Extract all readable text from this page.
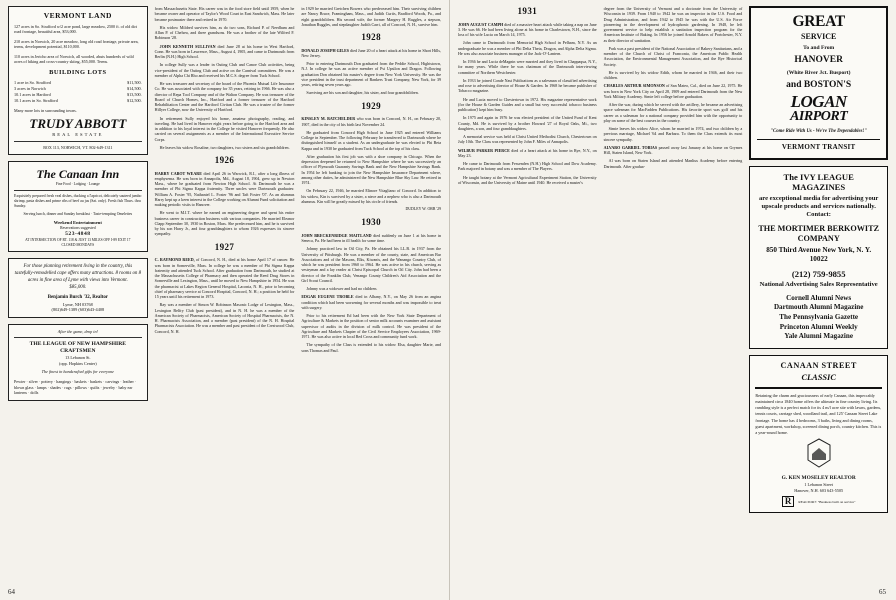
VERMONT LAND
127 acres in So. Strafford w/2 acre pond, large meadow, 2500 ft. of old dirt road frontage, beautiful area, $53,000.
210 acres in Norwich, 20 acre meadow, long old road frontage, private area, terms, development potential, $110,000.
110 acres in Jericho area of Norwich, all wooded, abuts hundreds of wild acres of hiking and cross-country skiing, $55,000. Terms.
BUILDING LOTS
1 acre in So. Strafford	$11,500.
3 acres in Norwich	$14,500.
10.1 acres in Hartford	$13,500.
10.1 acres in So. Strafford	$12,500.
Many more lots in surrounding towns.
TRUDY ABBOTT
REAL ESTATE
BOX 113, NORWICH, VT. 802-649-1311
The Canaan Inn
Fine Food · Lodging · Lounge
Exquisitely prepared fresh veal dishes, ducking a l'apricot, delicately sauteed jumbo shrimp, pasta dishes and prime ribs of beef au jus (Sat. only). Fresh fish Thurs. thru Sunday.
Serving lunch, dinner and Sunday breakfast · Taste-tempting Omelettes
Weekend Entertainment
Reservations suggested
523-4848
AT INTERSECTION OF RT. 118 & JUST 13 MILES OFF I-89 EXIT 17
CLOSED MONDAYS
For those planning retirement living in the country, this tastefully-remodelled cape offers many attractions. 8 rooms on 8 acres in fine area of Lyme with views into Vermont.
$85,000.
Benjamin Burch '32, Realtor
Lyme, NH 03768
(802)649-1389 (603)643-4408
After the game, drop in!
THE LEAGUE OF NEW HAMPSHIRE CRAFTSMEN
13 Lebanon St.
(opp. Hopkins Center)
The finest in handcrafted gifts for everyone
Pewter · silver · pottery · hangings · baskets · baskets · carvings · leather · blown glass · lamps · shades · rugs · pillows · quilts · jewelry · baby ear lanterns · dolls

from Massachusetts State. His career was in the food store field until 1959, when he became owner and operator of Taylor's Wood Court in East Sandwich, Mass. He later became postmaster there and retired in 1970.

His widow Mildred survives him, as do two sons, Richard P. of Needham and Allan P. of Chelsea, and three grandsons. He was a brother of the late Wilfred F. Robinson '28.

JOHN KENNETH SULLIVAN died June 28 at his home in West Hartford, Conn. He was born in Lawrence, Mass., August 4, 1905, and came to Dartmouth from Berlin (N.H.) High School.

In college Sully was a leader in Outing Club and Canoe Club activities, being vice-president of the Outing Club and active on the Carnival committees. He was a member of Alpha Chi Rho and received his M.C.S. degree from Tuck School.

He was treasurer and secretary of the board of the Phoenix Mutual Life Insurance Co. He was associated with the company for 35 years, retiring in 1966. He was also a director of Repa Tool Company and of the Walton Company. He was treasurer of the Board of Church Homes, Inc., Hartford and a former treasurer of the Hartford Rehabilitation Center and the Hartford Civitan Club. He was a trustee of the former Hillyer College, now the University of Hartford.

In retirement Sully enjoyed his home, amateur photography, reading, and traveling. He had lived in Hanover eight years before going to the Hartford area and in addition to his loyal interest in the College he visited Hanover frequently. He also carried on several assignments as a member of the International Executive Service Corps.

He leaves his widow Rosaline, two daughters, two sisters and six grandchildren.

1926

HARRY CABOT WEARE died April 26 in Warwick, R.I., after a long illness of emphysema. He was born in Annapolis, Md., August 18, 1904, grew up in Newton Mass., where he graduated from Newton High School. At Dartmouth he was a member of Phi Sigma Kappa fraternity. Three uncles were Dartmouth graduates: William A. Foster '95, Nathaniel L. Foster '96 and Taft Foster '07. As an alumnus Harry kept up a keen interest in the College working on Alumni Fund solicitation and making periodic visits to Hanover.

He went to M.I.T. where he earned an engineering degree and spent his entire business career in construction business with various companies. He married Eleanor Clapp September 30, 1930 in Boston, Mass. She predeceased him, and he is survived by his son Harry Jr., and four granddaughters to whom 1926 expresses its sincere sympathy.

1927

C. RAYMOND REED, of Concord, N. H., died at his home April 17 of cancer. He was born in Somerville, Mass. In college he was a member of Phi Sigma Kappa fraternity and attended Tuck School. After graduation from Dartmouth, he studied at the Massachusetts College of Pharmacy and then operated the Reed Drug Stores in Somerville and Lexington, Mass., until he moved to New Hampshire in 1954. He was the pharmacist at Lakes Region General Hospital, Laconia, N. H., prior to becoming chief of pharmacy service at Concord Hospital, Concord, N. H.; a position he held for 15 years until his retirement in 1973.

Ray was a member of Simon W. Robinson Masonic Lodge of Lexington, Mass., Lexington Belfry Club (past president), and in N. H. he was a member of the American Society of Pharmacists, American Society of Hospital Pharmacists, the N. H. Pharmacists Association, and a member (past president) of the N. H. Hospital Pharmacists Association. He was a member and past president of the Crestwood Club, Concord, N. H.

in 1929 he married Gretchen Bowers who predeceased him. Their surviving children are Nancy Bruce, Framingham, Mass., and Judith Curtis, Bradford Woods, Pa., and eight grandchildren. His second wife, the former Margery H. Ruggles, a stepson, Jonathan Ruggles, and stepdaughter Judith Carri, all of Concord, N. H., survive him.

1928

DONALD JOSEPH GILES died June 20 of a heart attack at his home in Short Hills, New Jersey.

Prior to entering Dartmouth Don graduated from the Peddie School, Hightstown, N.J. In college he was an active member of Psi Upsilon and Dragon. Following graduation Don obtained his master's degree from New York University. He was the vice president in the trust department of Bankers Trust Company, New York, for 39 years, retiring seven years ago.

Surviving are his son and daughter, his sister, and four grandchildren.

1929

KINSLEY M. BATCHELDER who was born in Concord, N. H., on February 20, 1907, died in the city of his birth last November 24.

He graduated from Concord High School in June 1925 and entered Williams College in September. The following February he transferred to Dartmouth where he distinguished himself as a student. As an undergraduate he was elected to Phi Beta Kappa and in 1930 he graduated from Tuck School at the top of his class.

After graduation his first job was with a shoe company in Chicago. When the depression deepened he returned to New Hampshire where he was successively an officer of Plymouth Guaranty Savings Bank and the New Hampshire Savings Bank. In 1954 he left banking to join the New Hampshire Insurance Department where, among other duties, he administered the New Hampshire Blue Sky Law. He retired in 1974.

On February 22, 1946, he married Elinore Vitagliano of Concord. In addition to his widow, Kin is survived by a sister, a niece and a nephew who is also a Dartmouth alumnus. Kin will be greatly missed by his circle of friends.

DUDLEY W. ORR '29

1930

JOHN BRECKENRIDGE MAITLAND died suddenly on June 1 at his home in Seneca, Pa. He had been in ill health for some time.

Johnny practiced law in Oil City, Pa. He obtained his LL.B. in 1937 from the University of Pittsburgh. He was a member of the county, state, and American Bar Associations and of the Masons, Elks, Kiwanis, and the Wanango Country Club, of which he was president from 1960 to 1964. He was active in his church, serving as vestryman and a lay reader at Christ Episcopal Church in Oil City. John had been a director of the Franklin Club, Venango County Children's Aid Association and the Girl Scout Council.

Johnny was a widower and had no children.

EDGAR EUGENE TROBLE died in Albany, N.Y., on May 26 from an angina condition which had been worsening for several months and was impossible to treat with surgery.

Prior to his retirement Ed had been with the New York State Department of Agriculture & Markets in the position of senior milk accounts examiner and assistant supervisor of audits in the division of milk control. He was president of the Agriculture and Markets Chapter of the Civil Service Employees Association, 1969-1971. He was also active in local Red Cross and community fund work.

The sympathy of the Class is extended to his widow Elsa, daughter Marie, and sons Thomas and Paul.

64
1931

JOHN AUGUST CAMPH died of a massive heart attack while taking a nap on June 3. He was 66. He had been living alone at his home in Charlestown, N.H., since the loss of his wife Lucia on March 14, 1975.

John came to Dartmouth from Memorial High School in Pelham, N.Y. As an undergraduate he was a member of Phi Delta Theta, Dragon, and Alpha Delta Sigma. He was also associate business manager of the Jack-O'-Lantern.

In 1936 he and Lucia deMagnin were married and they lived in Chappaqua, N.Y., for many years. While there he was chairman of the Dartmouth interviewing committee of Northern Westchester.

In 1933 he joined Conde Nast Publications as a salesman of classified advertising and rose to advertising director of House & Garden. In 1968 he became publisher of Tobacco magazine.

He and Lucia moved to Chestertown in 1972. His magazine representative work (for the House & Garden Guides and a small but very successful tobacco business publication)' kept him busy.

In 1975 and again in 1976 he was elected president of the United Fund of Kent County, Md. He is survived by a brother Howard '27 of Royal Oaks, Mi., two daughters, a son, and four granddaughters.

A memorial service was held at Christ United Methodist Church, Chestertown on July 10th. The Class was represented by John F. Miles of Annapolis.

WILBUR PARKER PIERCE died of a heart attack at his home in Rye, N.Y., on May 23.

He came to Dartmouth from Fessenden (N.H.) High School and Dow Academy. Park majored in botany and was a member of The Players.

He taught botany at the Vermont Agricultural Experiment Station, the University of Wisconsin, and the University of Maine until 1940. He received a master's

degree from the University of Vermont and a doctorate from the University of Wisconsin in 1939. From 1940 to 1942 he was an inspector in the U.S. Food and Drug Administration, and from 1942 to 1945 he was with the U.S. Air Force pioneering in the development of hydrophonic gardening. In 1948, he left government service to help establish a sanitation inspection program for the American Institute of Baking. In 1956 he joined Arnold Bakers of Portchester, N.Y. as their director of sanitation.

Park was a past president of the National Association of Bakery Sanitarians, and a member of the Church of Christ of Franconia, the American Public Health Association, the Environmental Management Association, and the Rye Historical Society.

He is survived by his widow Edith, whom he married in 1946, and their two children.

CHARLES ARTHUR SIMONSON of San Mateo, Cal., died on June 22, 1975. He was born in New York City on April 28, 1909 and entered Dartmouth from the New York Military Academy. Simie left college before graduation.

After the war, during which he served with the artillery, he became an advertising space salesman for MacFadden Publications. His favorite sport was golf and his career as a salesman for a national company provided him with the opportunity to play on some of the best courses in the country.

Simie leaves his widow Alice, whom he married in 1974, and two children by a previous marriage, Michael '64 and Barbara. To them the Class extends its most sincere sympathy.

ALVARO GABRIEL TOBIAS passed away last January at his home on Grymes Hill, Staten Island, New York.

Al was born on Staten Island and attended Manlius Academy before entering Dartmouth. After gradua-

GREAT
SERVICE
To and From
HANOVER
(White River Jct. Busport)
and BOSTON'S
LOGAN
AIRPORT
"Come Ride With Us - We're The Dependables!"
VERMONT TRANSIT
The IVY LEAGUE MAGAZINES
are exceptional media for advertising your upscale products and services nationally. Contact:
THE MORTIMER BERKOWITZ COMPANY
850 Third Avenue New York, N. Y. 10022
(212) 759-9855
National Advertising Sales Representative
Cornell Alumni News
Dartmouth Alumni Magazine
The Pennsylvania Gazette
Princeton Alumni Weekly
Yale Alumni Magazine
CANAAN STREET
CLASSIC
Retaining the charm and graciousness of early Canaan, this impeccably maintained circa 1840 home offers the ultimate in fine country living. Its rambling style is a perfect match for its 4 m/l acre site with lawns, gardens, tennis courts, carriage shed, woodland trail, and 125' Canaan Street Lake frontage. The home has 4 bedrooms, 3 baths, living and dining rooms, guest apartment, workshop, screened dining porch, country kitchen. This is a year-round home.
G. KEN MOSELEY REALTOR
1 Lebanon Street
Hanover, N.H. 603 643-5505
R	REALTOR® "Business built on service"
65
